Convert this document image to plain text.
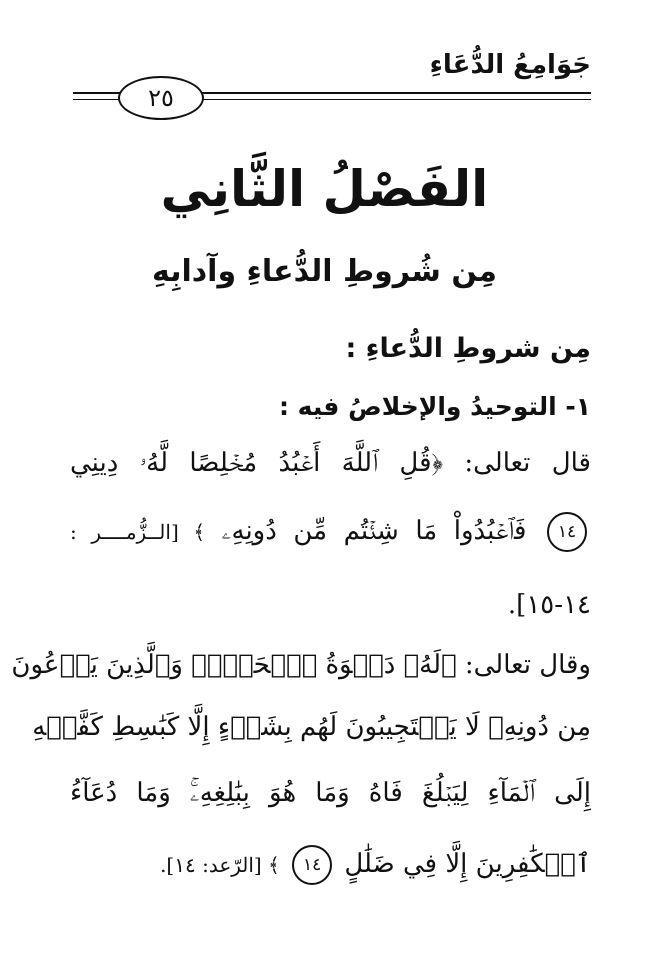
جَوَامِعُ الدُّعَاءِ
٢٥
الفَصْلُ الثَّانِي
مِن شُروطِ الدُّعاءِ وآدابِهِ
مِن شروطِ الدُّعاءِ :
١- التوحيدُ والإخلاصُ فيه :
قال تعالى: ﴿قُلِ ٱللَّهَ أَعۡبُدُ مُخۡلِصًا لَّهُۥ دِينِي
١٤ فَٱعۡبُدُواْ مَا شِئۡتُم مِّن دُونِهِۦ ﴾ [الــزُّمــــر :
١٤-١٥].
وقال تعالى: ﴿لَهُۥ دَعۡوَةُ ٱلۡحَقِّۚ وَٱلَّذِينَ يَدۡعُونَ
مِن دُونِهِۦ لَا يَسۡتَجِيبُونَ لَهُم بِشَيۡءٍ إِلَّا كَبَٰسِطِ كَفَّيۡهِ
إِلَى ٱلۡمَآءِ لِيَبۡلُغَ فَاهُ وَمَا هُوَ بِبَٰلِغِهِۦۚ وَمَا دُعَآءُ
ٱلۡكَٰفِرِينَ إِلَّا فِي ضَلَٰلٍ ١٤ ﴾ [الرّعد: ١٤].
